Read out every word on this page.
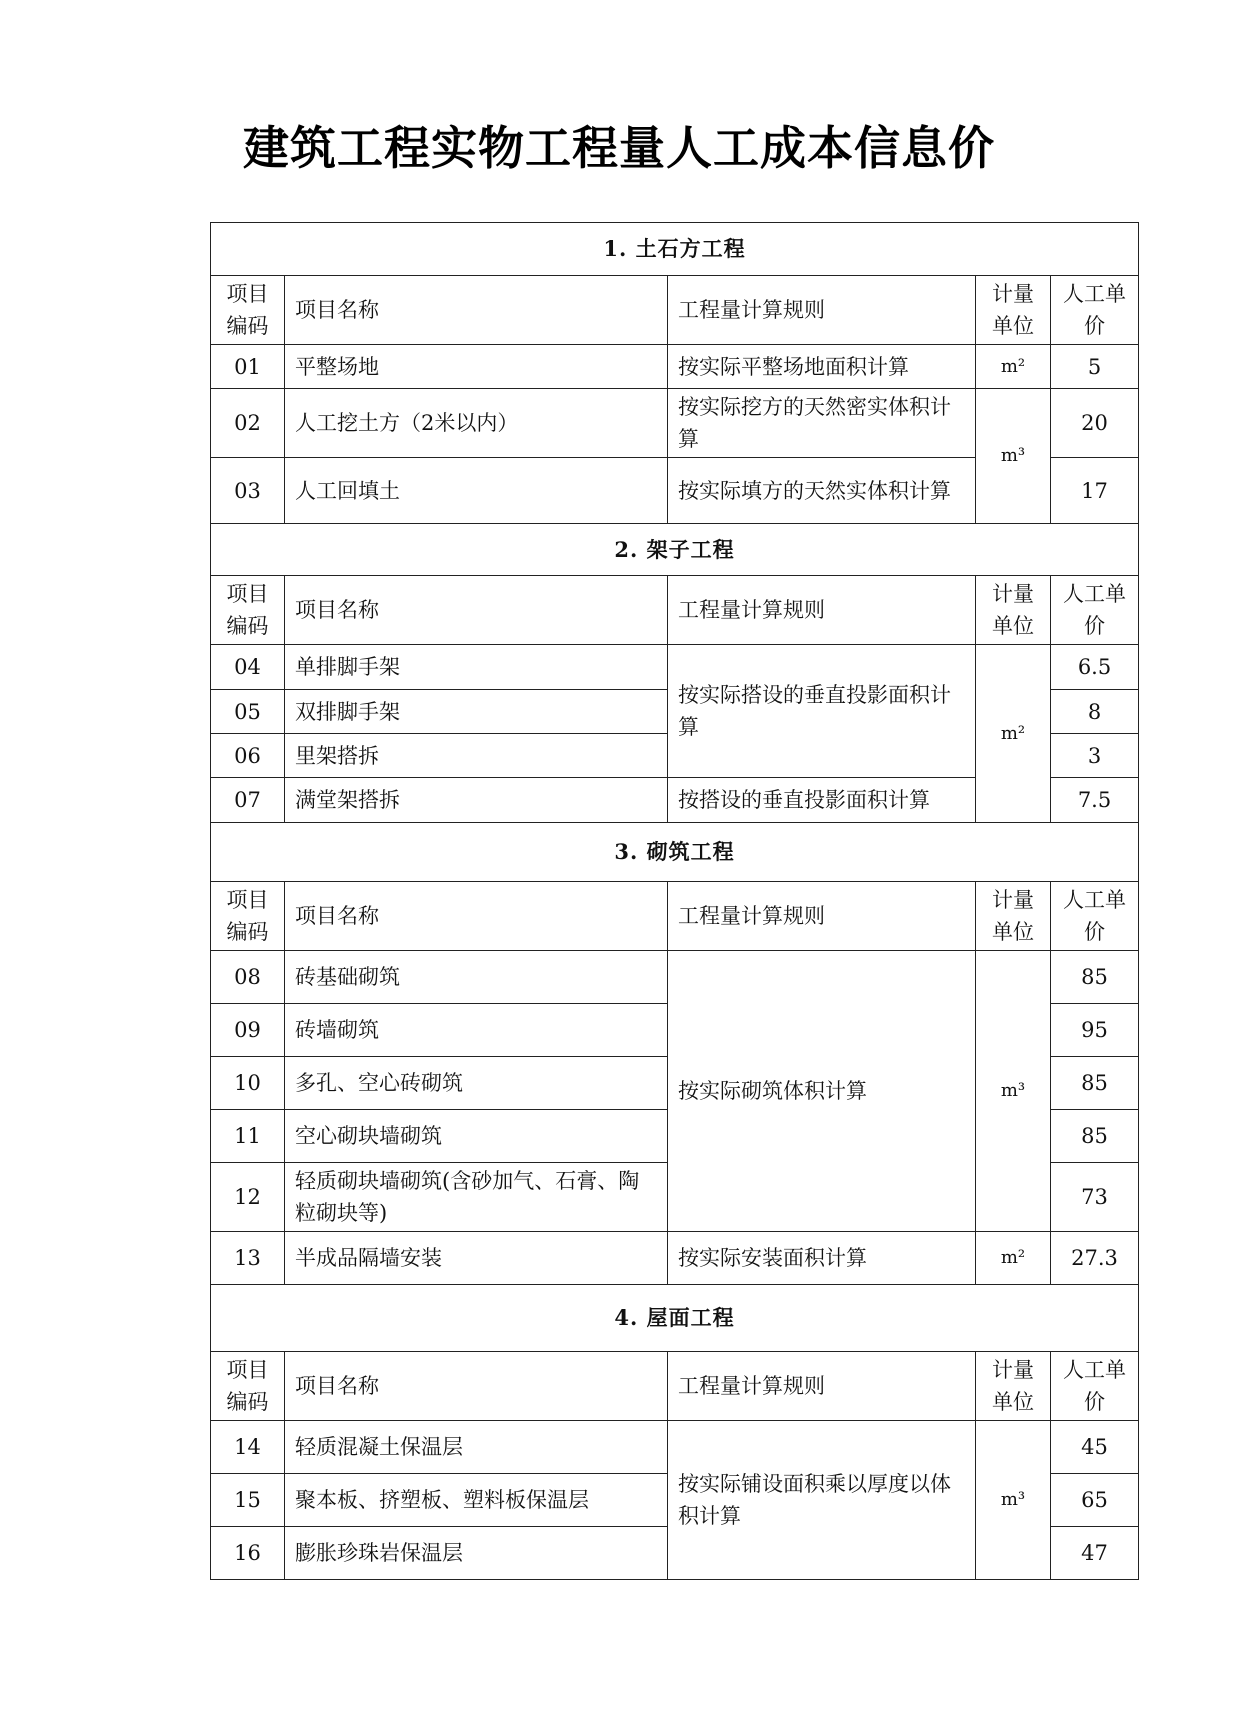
建筑工程实物工程量人工成本信息价
1. 土石方工程				
项目编码	项目名称	工程量计算规则	计量单位	人工单价
01	平整场地	按实际平整场地面积计算	m²	5
02	人工挖土方（2米以内）	按实际挖方的天然密实体积计算	m³	20
03	人工回填土	按实际填方的天然实体积计算		17
2. 架子工程				
项目编码	项目名称	工程量计算规则	计量单位	人工单价
04	单排脚手架	按实际搭设的垂直投影面积计算	m²	6.5
05	双排脚手架			8
06	里架搭拆			3
07	满堂架搭拆	按搭设的垂直投影面积计算		7.5
3. 砌筑工程				
项目编码	项目名称	工程量计算规则	计量单位	人工单价
08	砖基础砌筑	按实际砌筑体积计算	m³	85
09	砖墙砌筑			95
10	多孔、空心砖砌筑			85
11	空心砌块墙砌筑			85
12	轻质砌块墙砌筑(含砂加气、石膏、陶粒砌块等)			73
13	半成品隔墙安装	按实际安装面积计算	m²	27.3
4. 屋面工程				
项目编码	项目名称	工程量计算规则	计量单位	人工单价
14	轻质混凝土保温层	按实际铺设面积乘以厚度以体积计算	m³	45
15	聚本板、挤塑板、塑料板保温层			65
16	膨胀珍珠岩保温层			47
